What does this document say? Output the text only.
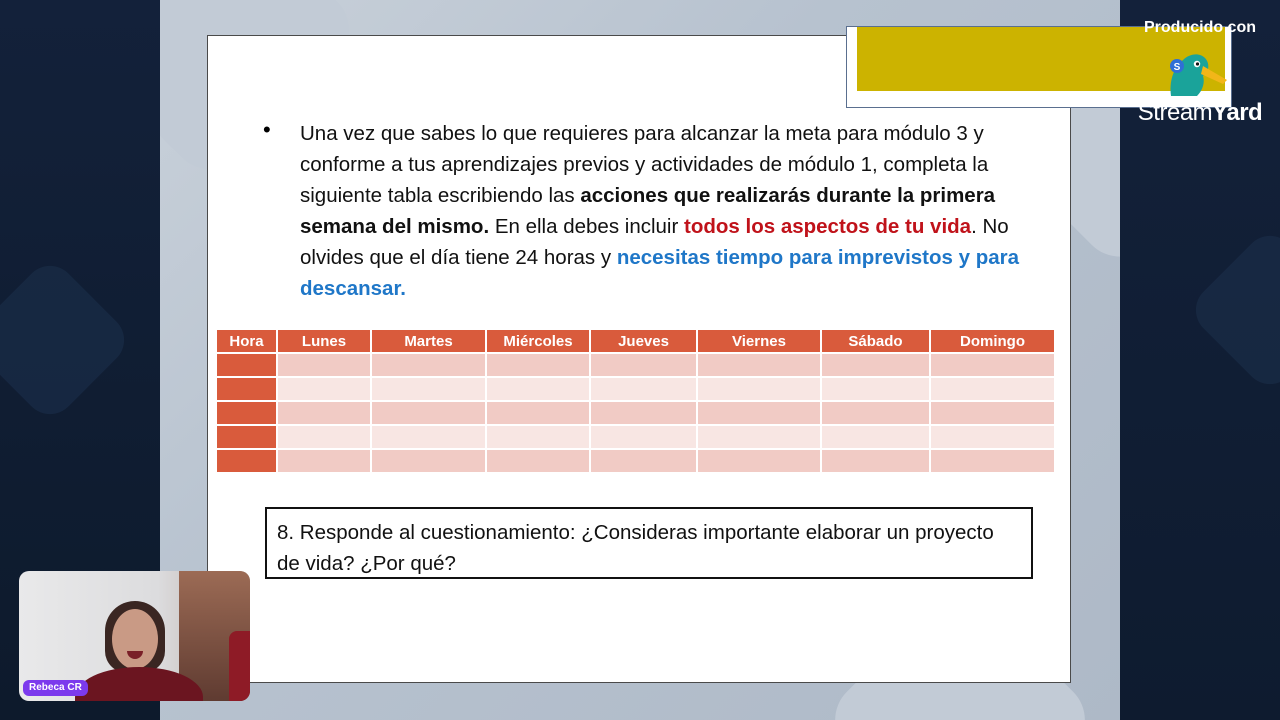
• Una vez que sabes lo que requieres para alcanzar la meta para módulo 3 y conforme a tus aprendizajes previos y actividades de módulo 1, completa la siguiente tabla escribiendo las acciones que realizarás durante la primera semana del mismo. En ella debes incluir todos los aspectos de tu vida. No olvides que el día tiene 24 horas y necesitas tiempo para imprevistos y para descansar.
Hora	Lunes	Martes	Miércoles	Jueves	Viernes	Sábado	Domingo

8. Responde al cuestionamiento: ¿Consideras importante elaborar un proyecto de vida? ¿Por qué?
Rebeca CR
Producido con
S
StreamYard
